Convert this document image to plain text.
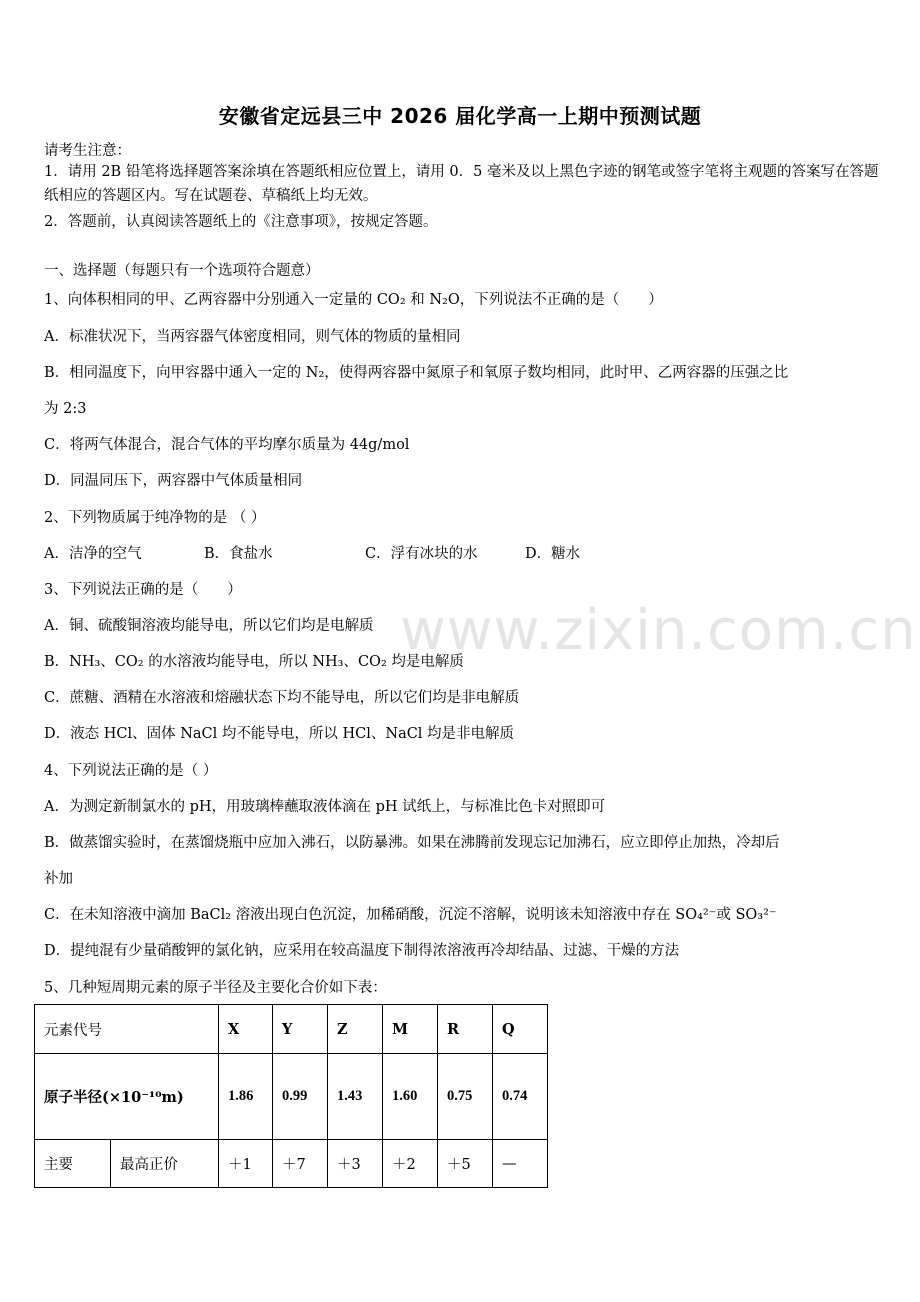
安徽省定远县三中 2026 届化学高一上期中预测试题
请考生注意：
1．请用 2B 铅笔将选择题答案涂填在答题纸相应位置上，请用 0．5 毫米及以上黑色字迹的钢笔或签字笔将主观题的答案写在答题纸相应的答题区内。写在试题卷、草稿纸上均无效。
2．答题前，认真阅读答题纸上的《注意事项》，按规定答题。
一、选择题（每题只有一个选项符合题意）
1、向体积相同的甲、乙两容器中分别通入一定量的 CO₂ 和 N₂O，下列说法不正确的是（　　）
A．标准状况下，当两容器气体密度相同，则气体的物质的量相同
B．相同温度下，向甲容器中通入一定的 N₂，使得两容器中氮原子和氧原子数均相同，此时甲、乙两容器的压强之比
为 2:3
C．将两气体混合，混合气体的平均摩尔质量为 44g/mol
D．同温同压下，两容器中气体质量相同
2、下列物质属于纯净物的是 （ ）
A．洁净的空气	B．食盐水	C．浮有冰块的水	D．糖水
3、下列说法正确的是（　　）
A．铜、硫酸铜溶液均能导电，所以它们均是电解质
B．NH₃、CO₂ 的水溶液均能导电，所以 NH₃、CO₂ 均是电解质
C．蔗糖、酒精在水溶液和熔融状态下均不能导电，所以它们均是非电解质
D．液态 HCl、固体 NaCl 均不能导电，所以 HCl、NaCl 均是非电解质
4、下列说法正确的是（ ）
A．为测定新制氯水的 pH，用玻璃棒蘸取液体滴在 pH 试纸上，与标准比色卡对照即可
B．做蒸馏实验时，在蒸馏烧瓶中应加入沸石，以防暴沸。如果在沸腾前发现忘记加沸石，应立即停止加热，冷却后
补加
C．在未知溶液中滴加 BaCl₂ 溶液出现白色沉淀，加稀硝酸，沉淀不溶解，说明该未知溶液中存在 SO₄²⁻或 SO₃²⁻
D．提纯混有少量硝酸钾的氯化钠，应采用在较高温度下制得浓溶液再冷却结晶、过滤、干燥的方法
5、几种短周期元素的原子半径及主要化合价如下表：
元素代号		X	Y	Z	M	R	Q
原子半径(×10⁻¹⁰m)		1.86	0.99	1.43	1.60	0.75	0.74
主要	最高正价	＋1	＋7	＋3	＋2	＋5	—
www.zixin.com.cn
